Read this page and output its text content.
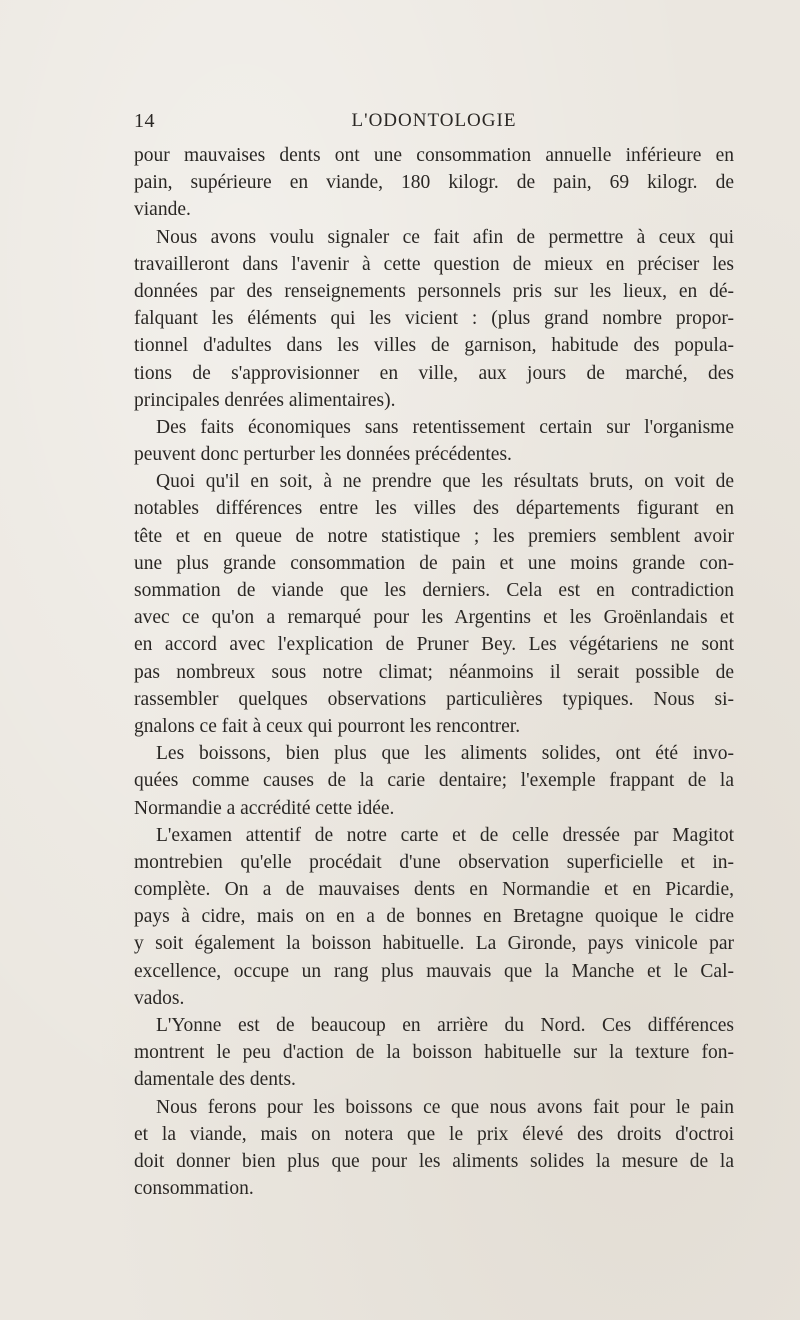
14	L'ODONTOLOGIE
pour mauvaises dents ont une consommation annuelle inférieure en
pain, supérieure en viande, 180 kilogr. de pain, 69 kilogr. de
viande.
Nous avons voulu signaler ce fait afin de permettre à ceux qui
travailleront dans l'avenir à cette question de mieux en préciser les
données par des renseignements personnels pris sur les lieux, en dé-
falquant les éléments qui les vicient : (plus grand nombre propor-
tionnel d'adultes dans les villes de garnison, habitude des popula-
tions de s'approvisionner en ville, aux jours de marché, des
principales denrées alimentaires).
Des faits économiques sans retentissement certain sur l'organisme
peuvent donc perturber les données précédentes.
Quoi qu'il en soit, à ne prendre que les résultats bruts, on voit de
notables différences entre les villes des départements figurant en
tête et en queue de notre statistique ; les premiers semblent avoir
une plus grande consommation de pain et une moins grande con-
sommation de viande que les derniers. Cela est en contradiction
avec ce qu'on a remarqué pour les Argentins et les Groënlandais et
en accord avec l'explication de Pruner Bey. Les végétariens ne sont
pas nombreux sous notre climat; néanmoins il serait possible de
rassembler quelques observations particulières typiques. Nous si-
gnalons ce fait à ceux qui pourront les rencontrer.
Les boissons, bien plus que les aliments solides, ont été invo-
quées comme causes de la carie dentaire; l'exemple frappant de la
Normandie a accrédité cette idée.
L'examen attentif de notre carte et de celle dressée par Magitot
montrebien qu'elle procédait d'une observation superficielle et in-
complète. On a de mauvaises dents en Normandie et en Picardie,
pays à cidre, mais on en a de bonnes en Bretagne quoique le cidre
y soit également la boisson habituelle. La Gironde, pays vinicole par
excellence, occupe un rang plus mauvais que la Manche et le Cal-
vados.
L'Yonne est de beaucoup en arrière du Nord. Ces différences
montrent le peu d'action de la boisson habituelle sur la texture fon-
damentale des dents.
Nous ferons pour les boissons ce que nous avons fait pour le pain
et la viande, mais on notera que le prix élevé des droits d'octroi
doit donner bien plus que pour les aliments solides la mesure de la
consommation.
